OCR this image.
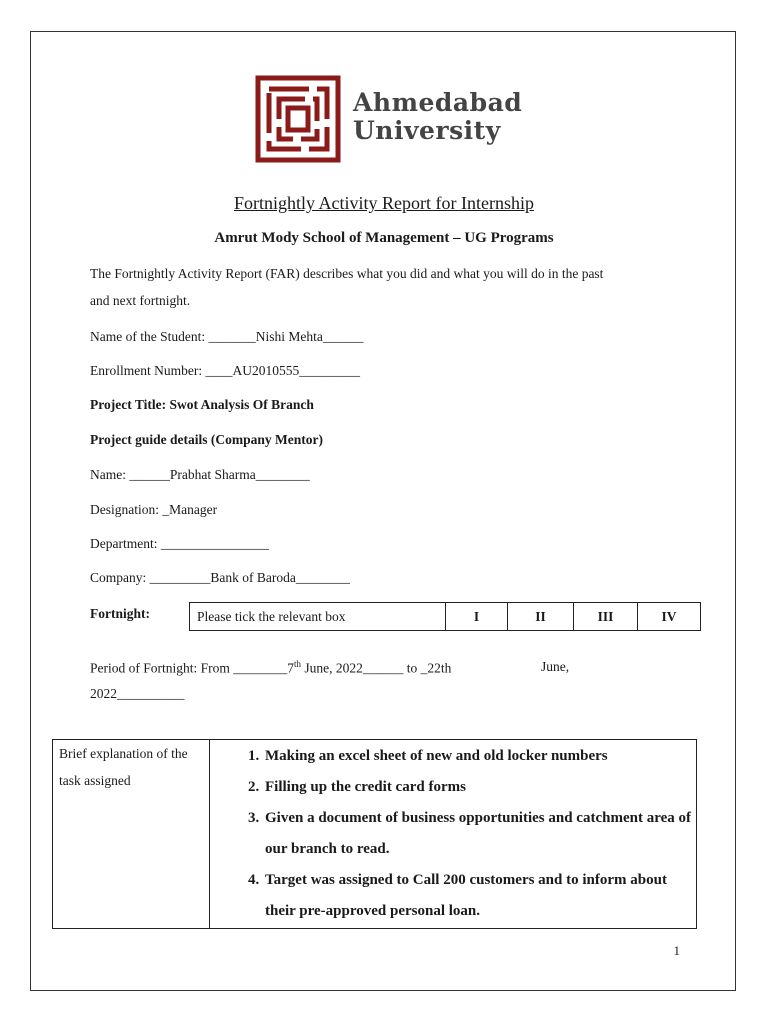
Ahmedabad
University
Fortnightly Activity Report for Internship
Amrut Mody School of Management – UG Programs
The Fortnightly Activity Report (FAR) describes what you did and what you will do in the past
and next fortnight.
Name of the Student: _______Nishi Mehta______
Enrollment Number: ____AU2010555_________
Project Title: Swot Analysis Of Branch
Project guide details (Company Mentor)
Name: ______Prabhat Sharma________
Designation: _Manager
Department: ________________
Company: _________Bank of Baroda________
Fortnight:	Please tick the relevant box	I	II	III	IV
Period of Fortnight: From ________7th June, 2022______ to _22th	June,
2022__________
Brief explanation of the task assigned	
1. Making an excel sheet of new and old locker numbers
2. Filling up the credit card forms
3. Given a document of business opportunities and catchment area of our branch to read.
4. Target was assigned to Call 200 customers and to inform about their pre-approved personal loan.
1
